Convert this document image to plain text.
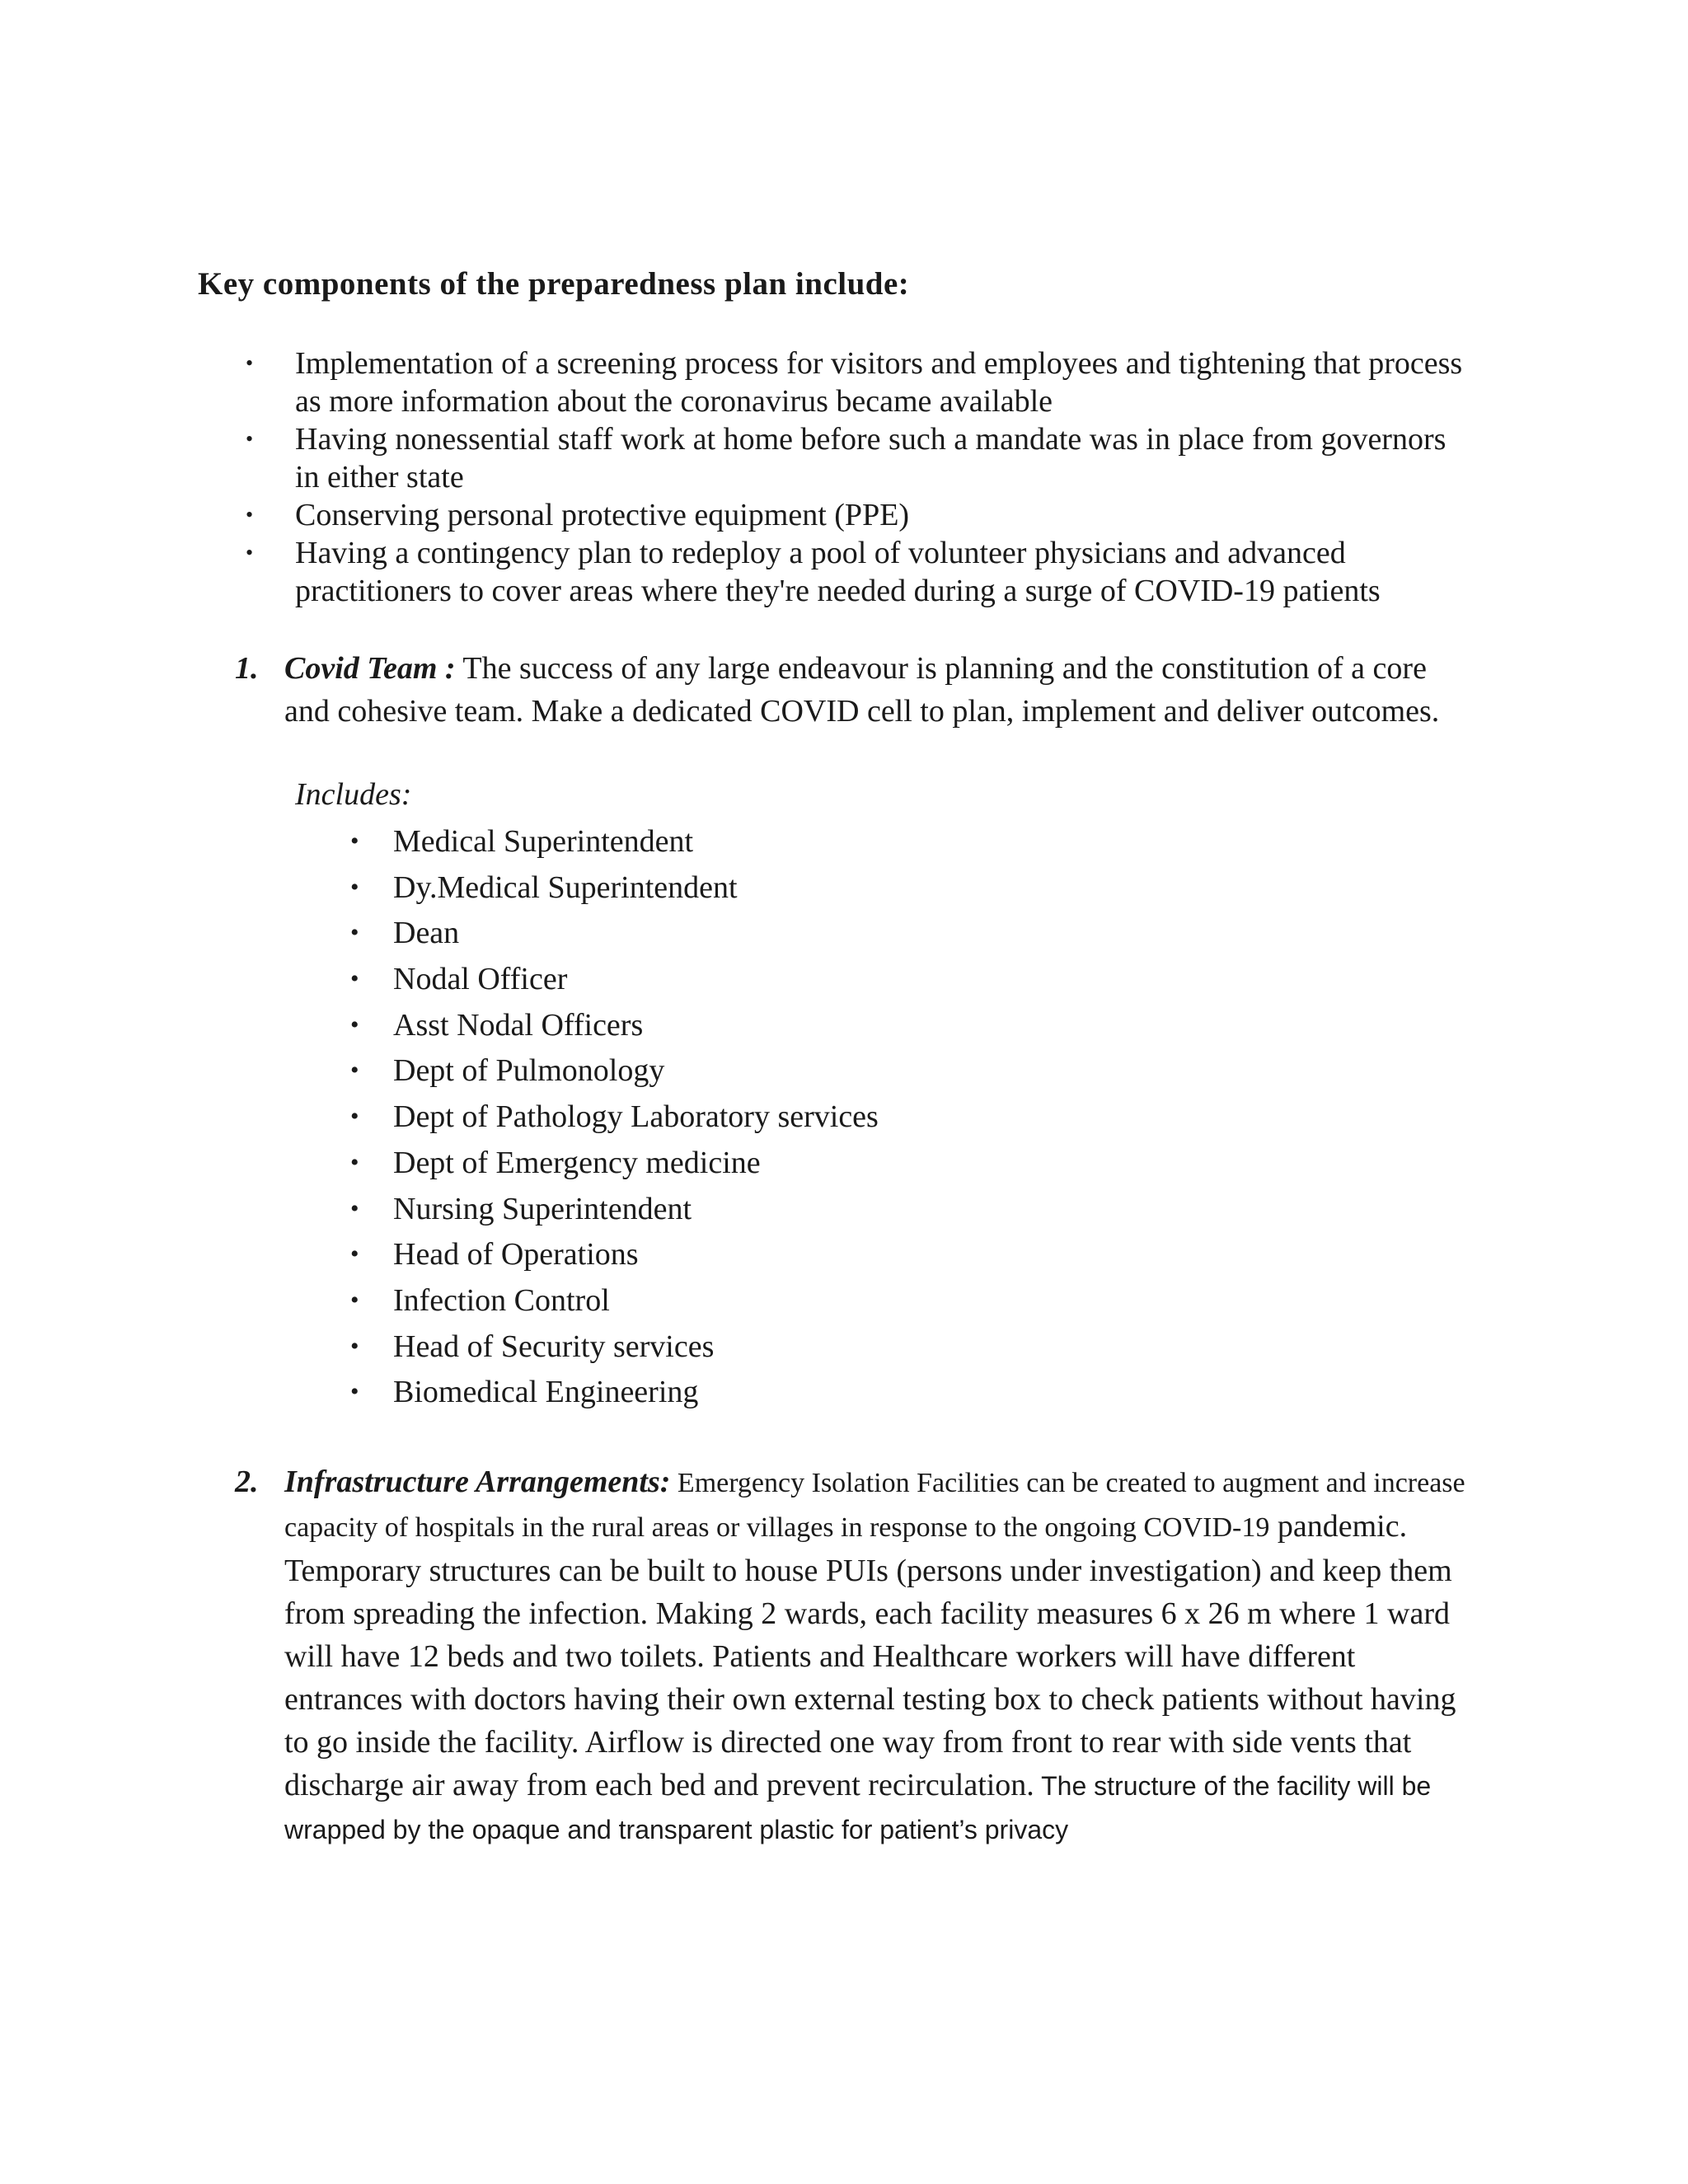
Key components of the preparedness plan include:
• Implementation of a screening process for visitors and employees and tightening that process as more information about the coronavirus became available
• Having nonessential staff work at home before such a mandate was in place from governors in either state
• Conserving personal protective equipment (PPE)
• Having a contingency plan to redeploy a pool of volunteer physicians and advanced practitioners to cover areas where they're needed during a surge of COVID-19 patients
1. Covid Team : The success of any large endeavour is planning and the constitution of a core and cohesive team. Make a dedicated COVID cell to plan, implement and deliver outcomes.
Includes:
• Medical Superintendent
• Dy.Medical Superintendent
• Dean
• Nodal Officer
• Asst Nodal Officers
• Dept of Pulmonology
• Dept of Pathology Laboratory services
• Dept of Emergency medicine
• Nursing Superintendent
• Head of Operations
• Infection Control
• Head of Security services
• Biomedical Engineering
2. Infrastructure Arrangements: Emergency Isolation Facilities can be created to augment and increase capacity of hospitals in the rural areas or villages in response to the ongoing COVID-19 pandemic. Temporary structures can be built to house PUIs (persons under investigation) and keep them from spreading the infection. Making 2 wards, each facility measures 6 x 26 m where 1 ward will have 12 beds and two toilets. Patients and Healthcare workers will have different entrances with doctors having their own external testing box to check patients without having to go inside the facility. Airflow is directed one way from front to rear with side vents that discharge air away from each bed and prevent recirculation. The structure of the facility will be wrapped by the opaque and transparent plastic for patient’s privacy
